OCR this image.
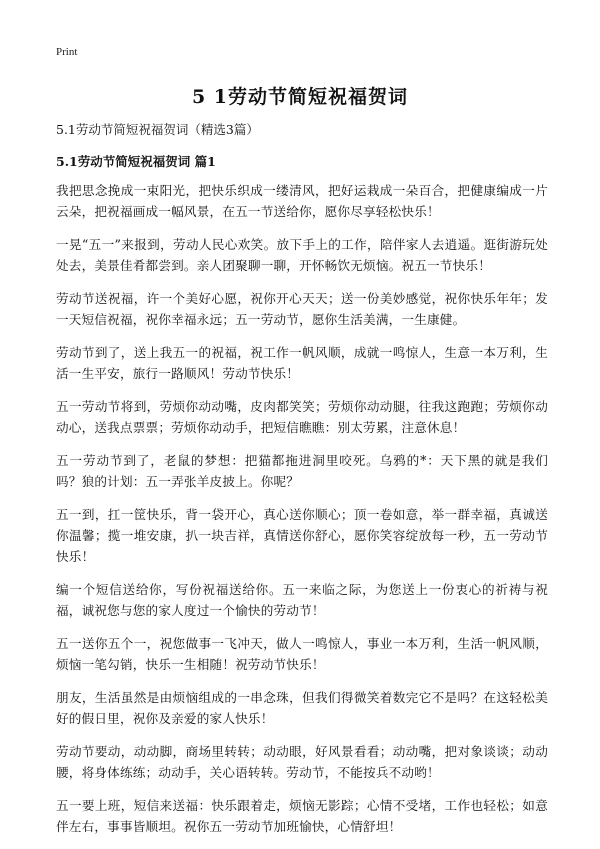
Print
5 1劳动节简短祝福贺词
5.1劳动节简短祝福贺词（精选3篇）
5.1劳动节简短祝福贺词 篇1

我把思念挽成一束阳光，把快乐织成一缕清风，把好运栽成一朵百合，把健康编成一片云朵，把祝福画成一幅风景，在五一节送给你，愿你尽享轻松快乐！

一晃“五一”来报到，劳动人民心欢笑。放下手上的工作，陪伴家人去逍遥。逛街游玩处处去，美景佳肴都尝到。亲人团聚聊一聊，开怀畅饮无烦恼。祝五一节快乐！

劳动节送祝福，许一个美好心愿，祝你开心天天；送一份美妙感觉，祝你快乐年年；发一天短信祝福，祝你幸福永远；五一劳动节，愿你生活美满，一生康健。

劳动节到了，送上我五一的祝福，祝工作一帆风顺，成就一鸣惊人，生意一本万利，生活一生平安，旅行一路顺风！劳动节快乐！

五一劳动节将到，劳烦你动动嘴，皮肉都笑笑；劳烦你动动腿，往我这跑跑；劳烦你动动心，送我点票票；劳烦你动动手，把短信瞧瞧：别太劳累，注意休息！

五一劳动节到了，老鼠的梦想：把猫都拖进洞里咬死。乌鸦的*：天下黑的就是我们吗？狼的计划：五一弄张羊皮披上。你呢？

五一到，扛一筐快乐，背一袋开心，真心送你顺心；顶一卷如意，举一群幸福，真诚送你温馨；揽一堆安康，扒一块吉祥，真情送你舒心，愿你笑容绽放每一秒，五一劳动节快乐！

编一个短信送给你，写份祝福送给你。五一来临之际，为您送上一份衷心的祈祷与祝福，诚祝您与您的家人度过一个愉快的劳动节！

五一送你五个一，祝您做事一飞冲天，做人一鸣惊人，事业一本万利，生活一帆风顺，烦恼一笔勾销，快乐一生相随！祝劳动节快乐！

朋友，生活虽然是由烦恼组成的一串念珠，但我们得微笑着数完它不是吗？在这轻松美好的假日里，祝你及亲爱的家人快乐！

劳动节要动，动动脚，商场里转转；动动眼，好风景看看；动动嘴，把对象谈谈；动动腰，将身体练练；动动手，关心语转转。劳动节，不能按兵不动哟！

五一要上班，短信来送福：快乐跟着走，烦恼无影踪；心情不受堵，工作也轻松；如意伴左右，事事皆顺坦。祝你五一劳动节加班愉快，心情舒坦！
